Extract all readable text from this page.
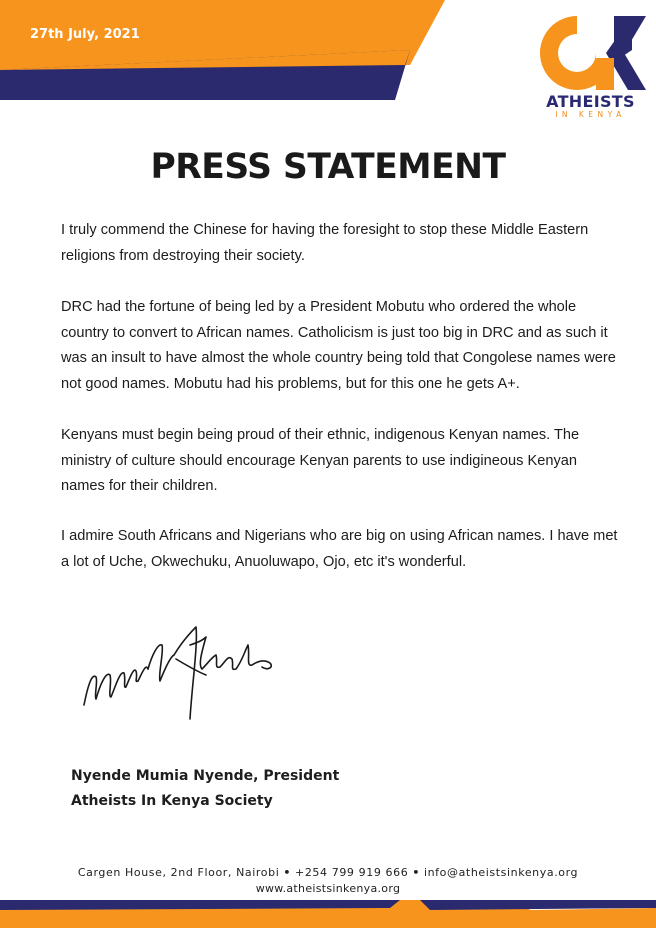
27th July, 2021
ATHEISTS
IN KENYA
PRESS STATEMENT

I truly commend the Chinese for having the foresight to stop these Middle Eastern religions from destroying their society.

DRC had the fortune of being led by a President Mobutu who ordered the whole country to convert to African names. Catholicism is just too big in DRC and as such it was an insult to have almost the whole country being told that Congolese names were not good names. Mobutu had his problems, but for this one he gets A+.

Kenyans must begin being proud of their ethnic, indigenous Kenyan names. The ministry of culture should encourage Kenyan parents to use indigineous Kenyan names for their children.

I admire South Africans and Nigerians who are big on using African names. I have met a lot of Uche, Okwechuku, Anuoluwapo, Ojo, etc it's wonderful.

Nyende Mumia Nyende, President
Atheists In Kenya Society
Cargen House, 2nd Floor, Nairobi • +254 799 919 666 • info@atheistsinkenya.org
www.atheistsinkenya.org
